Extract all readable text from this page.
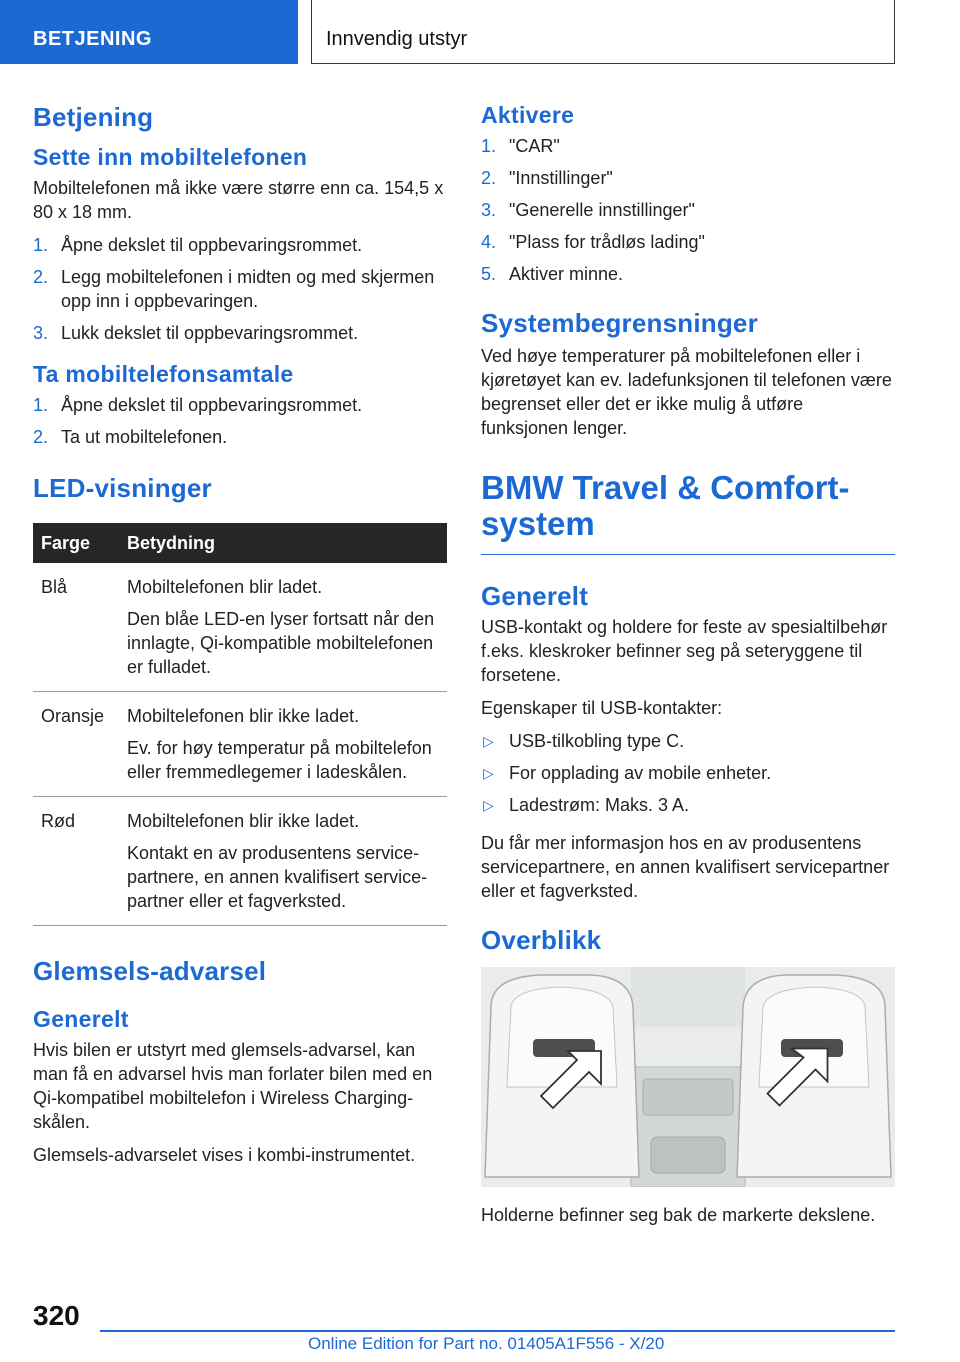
BETJENING	Innvendig utstyr
Betjening
Sette inn mobiltelefonen

Mobiltelefonen må ikke være større enn ca. 154,5 x 80 x 18 mm.

1. Åpne dekslet til oppbevaringsrommet.
2. Legg mobiltelefonen i midten og med skjermen opp inn i oppbevaringen.
3. Lukk dekslet til oppbevaringsrommet.
Ta mobiltelefonsamtale
1. Åpne dekslet til oppbevaringsrommet.
2. Ta ut mobiltelefonen.
LED-visninger
Farge	Betydning
Blå	Mobiltelefonen blir ladet.

Den blåe LED-en lyser fortsatt når den innlagte, Qi-kompatible mobiltelefonen er fulladet.

Oransje	Mobiltelefonen blir ikke ladet.

Ev. for høy temperatur på mobiltelefon eller fremmedlegemer i ladeskålen.

Rød	Mobiltelefonen blir ikke ladet.

Kontakt en av produsentens servicepartnere, en annen kvalifisert servicepartner eller et fagverksted.

Glemsels-advarsel
Generelt

Hvis bilen er utstyrt med glemsels-advarsel, kan man få en advarsel hvis man forlater bilen med en Qi-kompatibel mobiltelefon i Wireless Charging-skålen.

Glemsels-advarselet vises i kombi-instrumentet.

Aktivere
1. "CAR"
2. "Innstillinger"
3. "Generelle innstillinger"
4. "Plass for trådløs lading"
5. Aktiver minne.
Systembegrensninger

Ved høye temperaturer på mobiltelefonen eller i kjøretøyet kan ev. ladefunksjonen til telefonen være begrenset eller det er ikke mulig å utføre funksjonen lenger.

BMW Travel & Comfort-system
Generelt

USB-kontakt og holdere for feste av spesialtilbehør f.eks. kleskroker befinner seg på seteryggene til forsetene.

Egenskaper til USB-kontakter:

▷ USB-tilkobling type C.
▷ For opplading av mobile enheter.
▷ Ladestrøm: Maks. 3 A.

Du får mer informasjon hos en av produsentens servicepartnere, en annen kvalifisert servicepartner eller et fagverksted.

Overblikk

Holderne befinner seg bak de markerte dekslene.

320
Online Edition for Part no. 01405A1F556 - X/20
